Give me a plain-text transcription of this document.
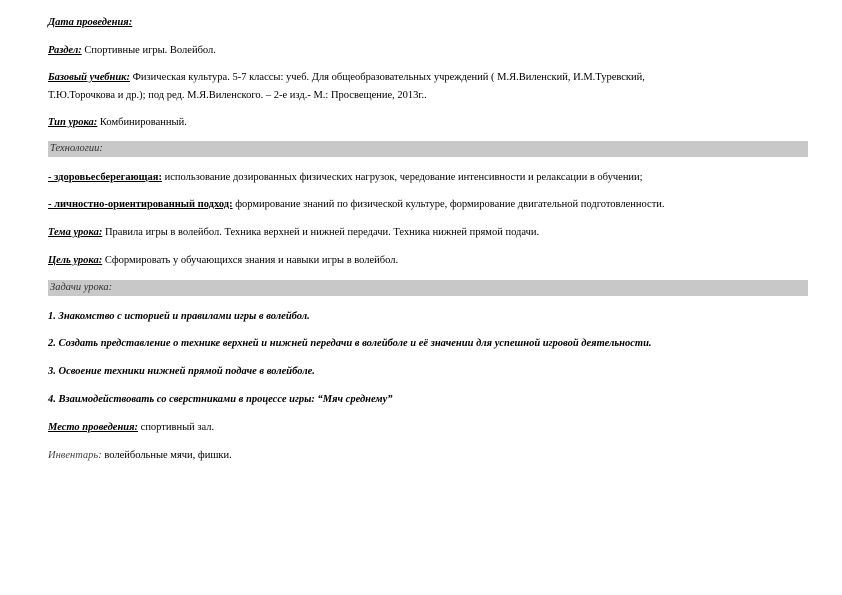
Дата проведения:
Раздел: Спортивные игры. Волейбол.
Базовый учебник: Физическая культура. 5-7 классы: учеб. Для общеобразовательных учреждений ( М.Я.Виленский, И.М.Туревский,
Т.Ю.Торочкова и др.); под ред. М.Я.Виленского. – 2-е изд.- М.: Просвещение, 2013г..
Тип урока: Комбинированный.
Технологии:
- здоровьесберегающая: использование дозированных физических нагрузок, чередование интенсивности и релаксации в обучении;
- личностно-ориентированный подход: формирование знаний по физической культуре, формирование двигательной подготовленности.
Тема урока: Правила игры в волейбол. Техника верхней и нижней передачи. Техника нижней прямой подачи.
Цель урока: Сформировать у обучающихся знания и навыки игры в волейбол.
Задачи урока:
1. Знакомство с историей и правилами игры в волейбол.
2. Создать представление о технике верхней и нижней передачи в волейболе и её значении для успешной игровой деятельности.
3. Освоение техники нижней прямой подаче в волейболе.
4. Взаимодействовать со сверстниками в процессе игры: “Мяч среднему”
Место проведения: спортивный зал.
Инвентарь: волейбольные мячи, фишки.
